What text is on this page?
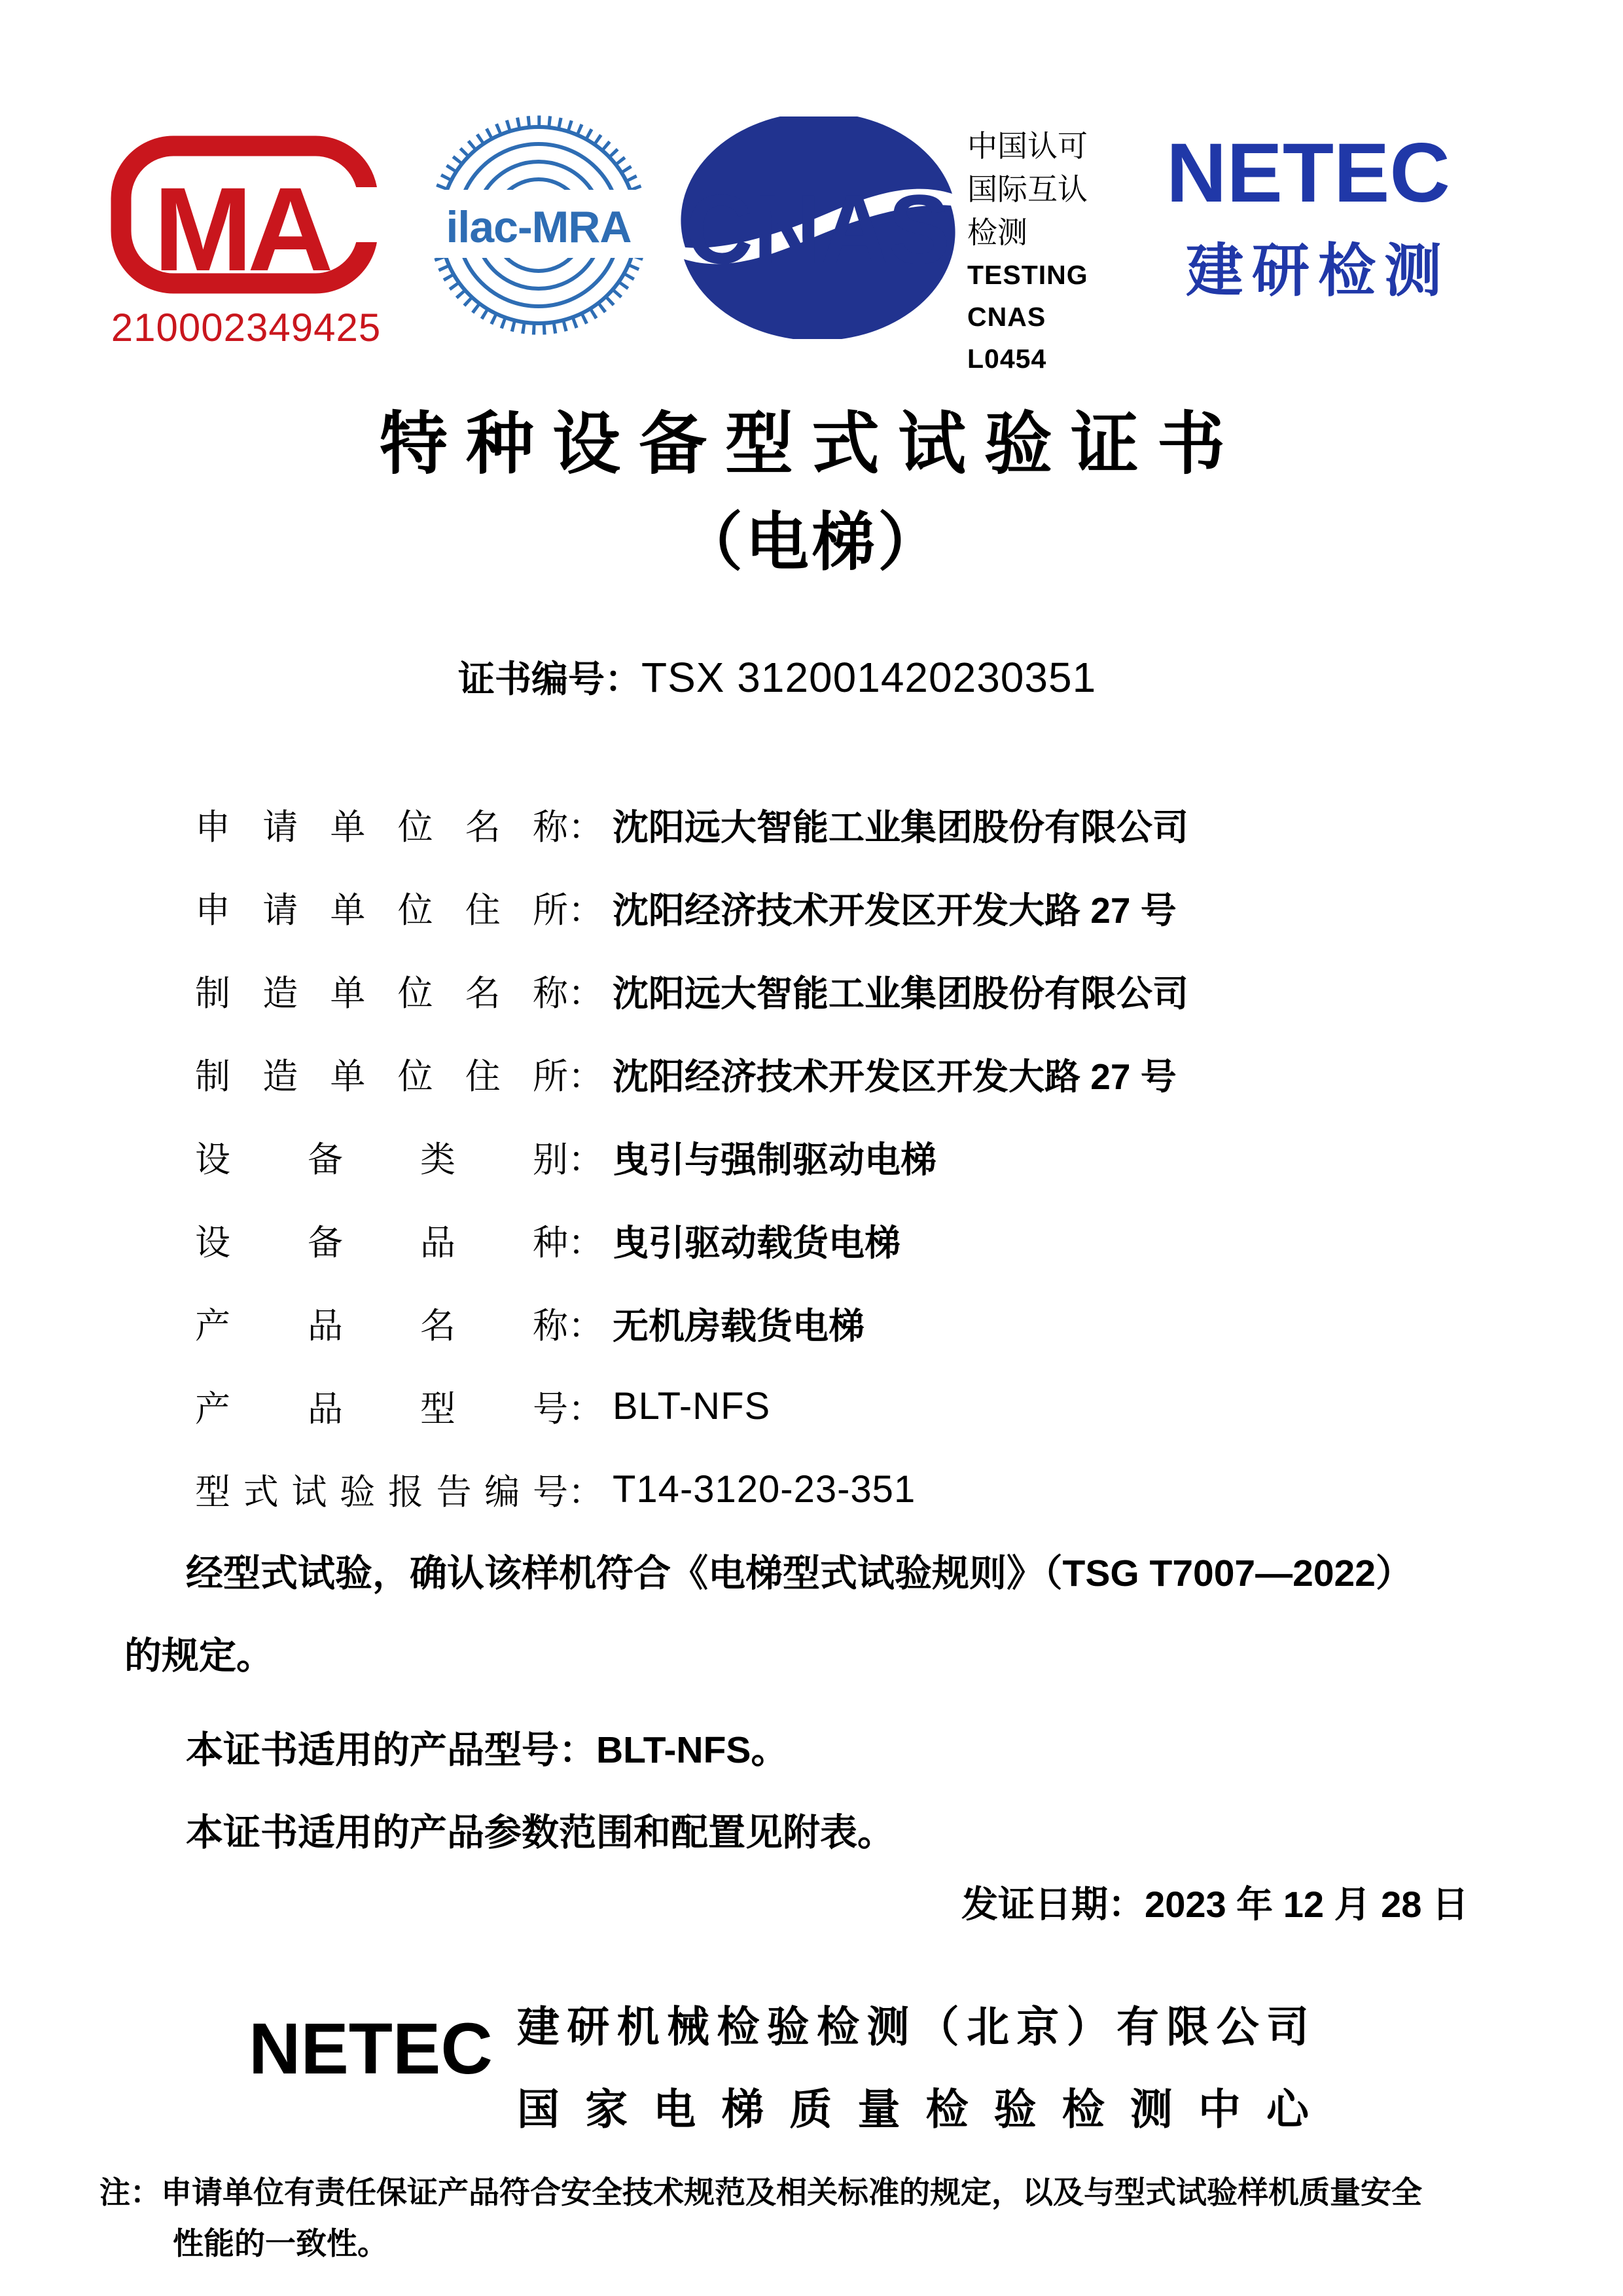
MA
210002349425
ilac-MRA CNAS
中国认可
国际互认
检测
TESTING
CNAS L0454
NETEC
建研检测
特种设备型式试验证书
（电梯）
证书编号：TSX 312001420230351
申请单位名称 ： 沈阳远大智能工业集团股份有限公司
申请单位住所 ： 沈阳经济技术开发区开发大路 27 号
制造单位名称 ： 沈阳远大智能工业集团股份有限公司
制造单位住所 ： 沈阳经济技术开发区开发大路 27 号
设备类别 ： 曳引与强制驱动电梯
设备品种 ： 曳引驱动载货电梯
产品名称 ： 无机房载货电梯
产品型号 ： BLT-NFS
型式试验报告编号 ： T14-3120-23-351
经型式试验，确认该样机符合《电梯型式试验规则》（TSG T7007—2022）
的规定。
本证书适用的产品型号：BLT-NFS。
本证书适用的产品参数范围和配置见附表。
发证日期：2023 年 12 月 28 日
NETEC 建研机械检验检测（北京）有限公司
国家电梯质量检验检测中心
注：申请单位有责任保证产品符合安全技术规范及相关标准的规定，以及与型式试验样机质量安全
性能的一致性。
